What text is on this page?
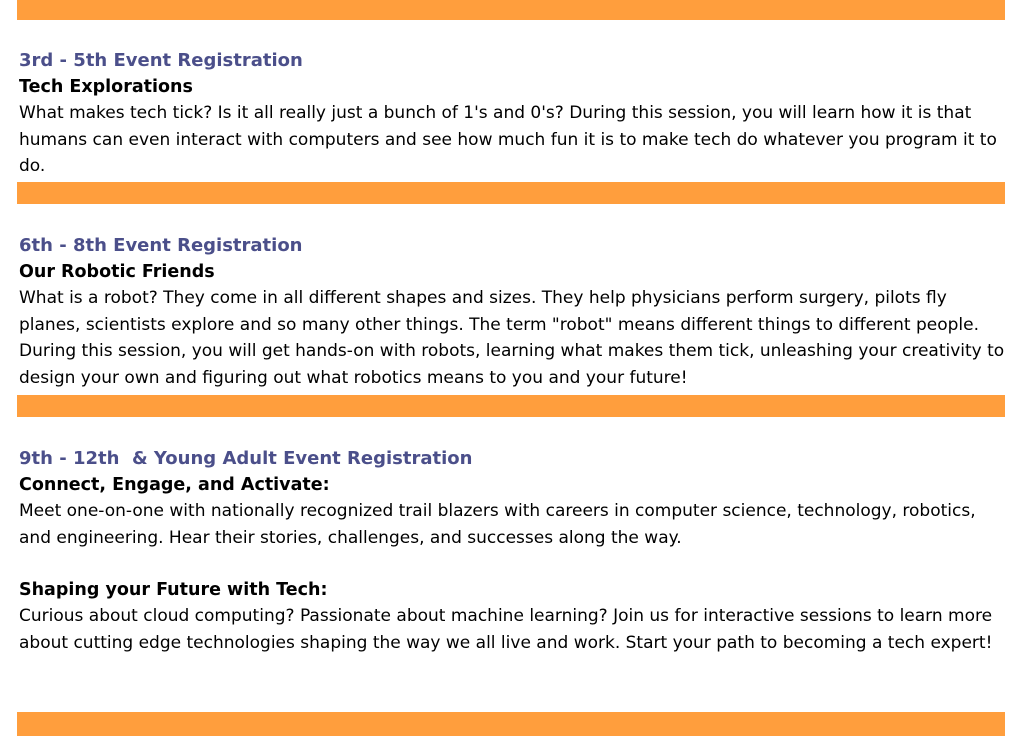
3rd - 5th Event Registration
Tech Explorations

What makes tech tick? Is it all really just a bunch of 1's and 0's? During this session, you will learn how it is that humans can even interact with computers and see how much fun it is to make tech do whatever you program it to do.

6th - 8th Event Registration
Our Robotic Friends

What is a robot? They come in all different shapes and sizes. They help physicians perform surgery, pilots fly planes, scientists explore and so many other things. The term "robot" means different things to different people. During this session, you will get hands-on with robots, learning what makes them tick, unleashing your creativity to design your own and figuring out what robotics means to you and your future!

9th - 12th  & Young Adult Event Registration
Connect, Engage, and Activate:

Meet one-on-one with nationally recognized trail blazers with careers in computer science, technology, robotics, and engineering. Hear their stories, challenges, and successes along the way.

Shaping your Future with Tech:

Curious about cloud computing? Passionate about machine learning? Join us for interactive sessions to learn more about cutting edge technologies shaping the way we all live and work. Start your path to becoming a tech expert!
